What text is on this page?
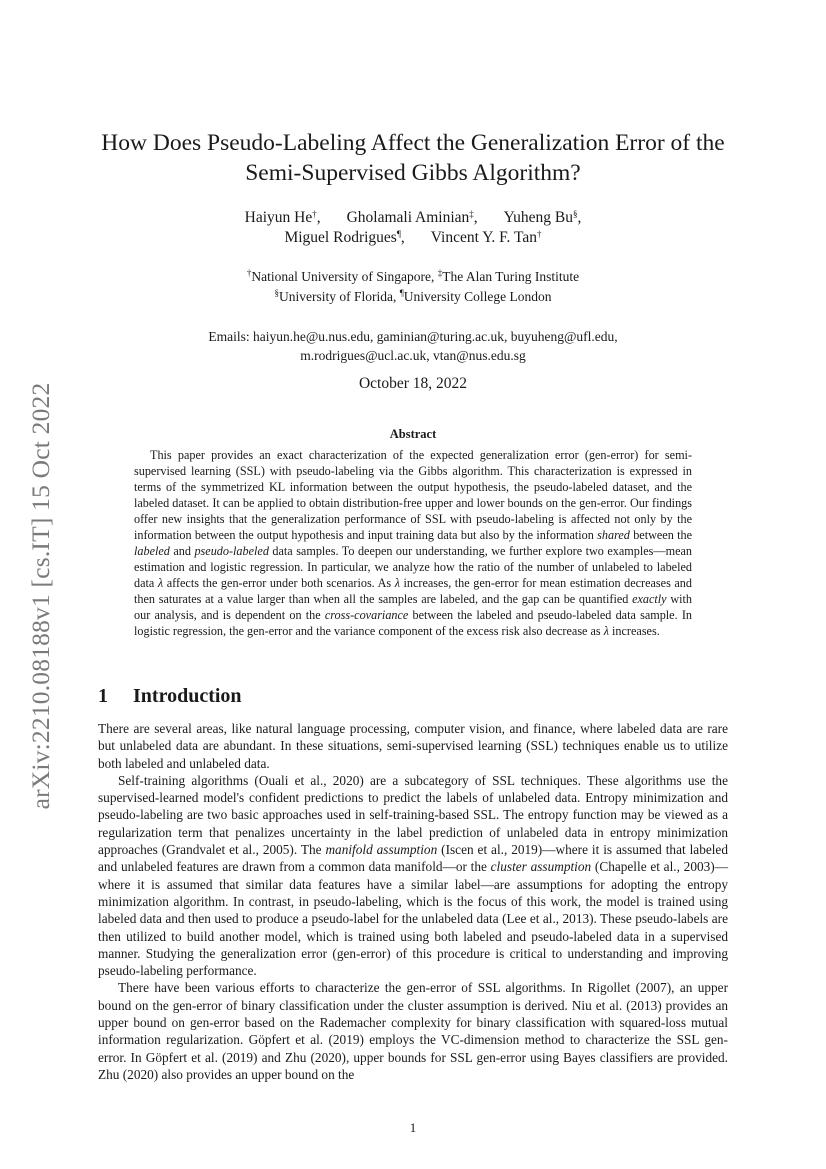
arXiv:2210.08188v1 [cs.IT] 15 Oct 2022
How Does Pseudo-Labeling Affect the Generalization Error of the
Semi-Supervised Gibbs Algorithm?
Haiyun He†, Gholamali Aminian‡, Yuheng Bu§,
Miguel Rodrigues¶, Vincent Y. F. Tan†
†National University of Singapore, ‡The Alan Turing Institute
§University of Florida, ¶University College London
Emails: haiyun.he@u.nus.edu, gaminian@turing.ac.uk, buyuheng@ufl.edu,
m.rodrigues@ucl.ac.uk, vtan@nus.edu.sg
October 18, 2022
Abstract

This paper provides an exact characterization of the expected generalization error (gen-error) for semi-supervised learning (SSL) with pseudo-labeling via the Gibbs algorithm. This characterization is expressed in terms of the symmetrized KL information between the output hypothesis, the pseudo-labeled dataset, and the labeled dataset. It can be applied to obtain distribution-free upper and lower bounds on the gen-error. Our findings offer new insights that the generalization performance of SSL with pseudo-labeling is affected not only by the information between the output hypothesis and input training data but also by the information shared between the labeled and pseudo-labeled data samples. To deepen our understanding, we further explore two examples—mean estimation and logistic regression. In particular, we analyze how the ratio of the number of unlabeled to labeled data λ affects the gen-error under both scenarios. As λ increases, the gen-error for mean estimation decreases and then saturates at a value larger than when all the samples are labeled, and the gap can be quantified exactly with our analysis, and is dependent on the cross-covariance between the labeled and pseudo-labeled data sample. In logistic regression, the gen-error and the variance component of the excess risk also decrease as λ increases.

1 Introduction

There are several areas, like natural language processing, computer vision, and finance, where labeled data are rare but unlabeled data are abundant. In these situations, semi-supervised learning (SSL) techniques enable us to utilize both labeled and unlabeled data.

Self-training algorithms (Ouali et al., 2020) are a subcategory of SSL techniques. These algorithms use the supervised-learned model's confident predictions to predict the labels of unlabeled data. Entropy minimization and pseudo-labeling are two basic approaches used in self-training-based SSL. The entropy function may be viewed as a regularization term that penalizes uncertainty in the label prediction of unlabeled data in entropy minimization approaches (Grandvalet et al., 2005). The manifold assumption (Iscen et al., 2019)—where it is assumed that labeled and unlabeled features are drawn from a common data manifold—or the cluster assumption (Chapelle et al., 2003)—where it is assumed that similar data features have a similar label—are assumptions for adopting the entropy minimization algorithm. In contrast, in pseudo-labeling, which is the focus of this work, the model is trained using labeled data and then used to produce a pseudo-label for the unlabeled data (Lee et al., 2013). These pseudo-labels are then utilized to build another model, which is trained using both labeled and pseudo-labeled data in a supervised manner. Studying the generalization error (gen-error) of this procedure is critical to understanding and improving pseudo-labeling performance.

There have been various efforts to characterize the gen-error of SSL algorithms. In Rigollet (2007), an upper bound on the gen-error of binary classification under the cluster assumption is derived. Niu et al. (2013) provides an upper bound on gen-error based on the Rademacher complexity for binary classification with squared-loss mutual information regularization. Göpfert et al. (2019) employs the VC-dimension method to characterize the SSL gen-error. In Göpfert et al. (2019) and Zhu (2020), upper bounds for SSL gen-error using Bayes classifiers are provided. Zhu (2020) also provides an upper bound on the

1
